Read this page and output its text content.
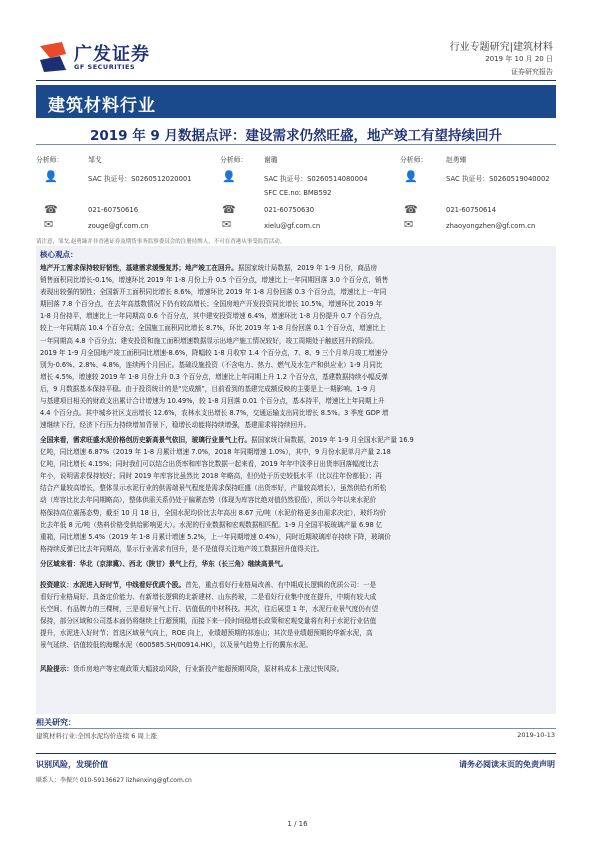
广发证券
GF SECURITIES
行业专题研究|建筑材料
2019 年 10 月 20 日
证券研究报告
建筑材料行业
2019 年 9 月数据点评：建设需求仍然旺盛，地产竣工有望持续回升
分析师：	邹戈
👤	SAC 执证号：S0260512020001
☎	021-60750616
✉	zouge@gf.com.cn
分析师： 谢璐
👤	SAC 执证号：S0260514080004
SFC CE.no: BMB592
☎	021-60750630
✉	xielu@gf.com.cn
分析师：	赵勇臻
👤	SAC 执证号：S0260519040002
☎	021-60750614
✉	zhaoyongzhen@gf.com.cn
请注意，邹戈,赵勇臻并非香港证券及期货事务监察委员会的注册持牌人，不可在香港从事受监管活动。
核心观点：
地产开工需求保持较好韧性，基建需求缓慢复苏；地产竣工在回升。据国家统计局数据，2019 年 1-9 月份，商品房
销售面积同比增长-0.1%，增速环比 2019 年 1-8 月份上升 0.5 个百分点，增速比上一年同期回落 3.0 个百分点，销售
表现出较强的韧性；全国新开工面积同比增长 8.6%，增速环比 2019 年 1-8 月份回落 0.3 个百分点，增速比上一年同
期回落 7.8 个百分点，在去年高基数情况下仍有较高增长；全国房地产开发投资同比增长 10.5%，增速环比 2019 年
1-8 月份持平，增速比上一年同期高 0.6 个百分点，其中建安投资增速 6.4%，增速环比 1-8 月份提升 0.7 个百分点，
较上一年同期高 10.4 个百分点；全国施工面积同比增长 8.7%，环比 2019 年 1-8 月份回落 0.1 个百分点，增速比上
一年同期高 4.8 个百分点；建安投资和施工面积增速数据显示出地产施工情况较好，竣工周期处于触底回升的阶段。
2019 年 1-9 月全国地产竣工面积同比增速-8.6%，降幅较 1-8 月收窄 1.4 个百分点，7、8、9 三个月单月竣工增速分
别为-0.6%、2.8%、4.8%，连续两个月回正。基础设施投资（不含电力、热力、燃气及水生产和供应业）1-9 月同比
增长 4.5%，增速较 2019 年 1-8 月份上升 0.3 个百分点，增速比上年同期上升 1.2 个百分点，基建数据持续小幅反弹
后，9 月数据基本保持平稳。由于投资统计的是“完成额”，目前看到的基建完成额反映的主要是上一期影响。1-9 月
与基建项目相关的财政支出累计合计增速为 10.49%，较 1-8 月回落 0.01 个百分点，基本持平，增速比上年同期上升
4.4 个百分点。其中城乡社区支出增长 12.6%，农林水支出增长 8.7%，交通运输支出同比增长 8.5%。3 季度 GDP 增
速继续下行，经济下行压力持续增加背景下，稳增长动能将持续增强，基建需求将持续回升。
全国来看，需求旺盛水泥价格创历史新高景气依旧，玻璃行业景气上行。据国家统计局数据，2019 年 1-9 月全国水泥产量 16.9
亿吨，同比增速 6.87%（2019 年 1-8 月累计增速 7.0%，2018 年同期增速 1.0%），其中，9 月份水泥单月产量 2.18
亿吨，同比增长 4.15%；同时我们可以结合出货率和库容比数据一起来看，2019 年年中淡季日出货率回落幅度比去
年小，说明需求保持较好；同时 2019 年库容比虽然比 2018 年略高，但仍处于历史较低水平（比以往年份都低）；再
结合产量较高增长，整体显示水泥行业的供需端景气程度是需求保持旺盛（出货率好，产量较高增长），虽然供给有所松
动（库容比比去年同期略高），整体供需关系仍处于偏紧态势（体现为库容比绝对值仍然很低），所以今年以来水泥价
格保持高位震荡态势，截至 10 月 18 日，全国水泥均价比去年高出 8.67 元/吨（水泥价格更多由需求决定），玻纤均价
比去年低 8 元/吨（热料价格受供给影响更大）。水泥的行业数据和宏观数据相匹配。1-9 月全国平板玻璃产量 6.98 亿
重箱，同比增速 5.4%（2019 年 1-8 月累计增速 5.2%，上一年同期增速 0.4%），同时近期玻璃库存持续下降，玻璃价
格持续反弹已比去年同期高，显示行业需求有回升，是不是值得关注地产竣工数据回升值得关注。
分区域来看：华北（京津冀）、西北（陕甘）景气上行，华东（长三角）继续高景气。
投资建议：水泥进入好时节，中线看好优质个股。首先，重点看好行业格局改善、有中期成长逻辑的优质公司：一是
看好行业格局好、具备定价能力、有新增长逻辑的北新建材、山东药玻，二是看好行业集中度在提升，中期有较大成
长空间、有品牌力的三棵树，三是看好景气上行、估值低的中材科技。其次，往后展望 1 年，水泥行业景气度仍有望
保持，部分区域和公司基本面仍将继续上行超预期，而接下来一段时间稳增长政策和宏观变量将有利于水泥行业估值
提升，水泥进入好时节；首选区域景气向上，ROE 向上，业绩超预期的祁连山；其次是业绩超预期的华新水泥，高
景气延续、估值较低的海螺水泥（600585.SH/00914.HK），以及景气趋势上行的冀东水泥。
风险提示：货币房地产等宏观政策大幅波动风险，行业新投产能超预期风险，原材料成本上涨过快风险。
相关研究：
建筑材料行业:全国水泥均价连续 6 周上涨	2019-10-13
识别风险，发现价值	请务必阅读末页的免责声明
联系人：李振兴 010-59136627 lizhenxing@gf.com.cn
1 / 16
